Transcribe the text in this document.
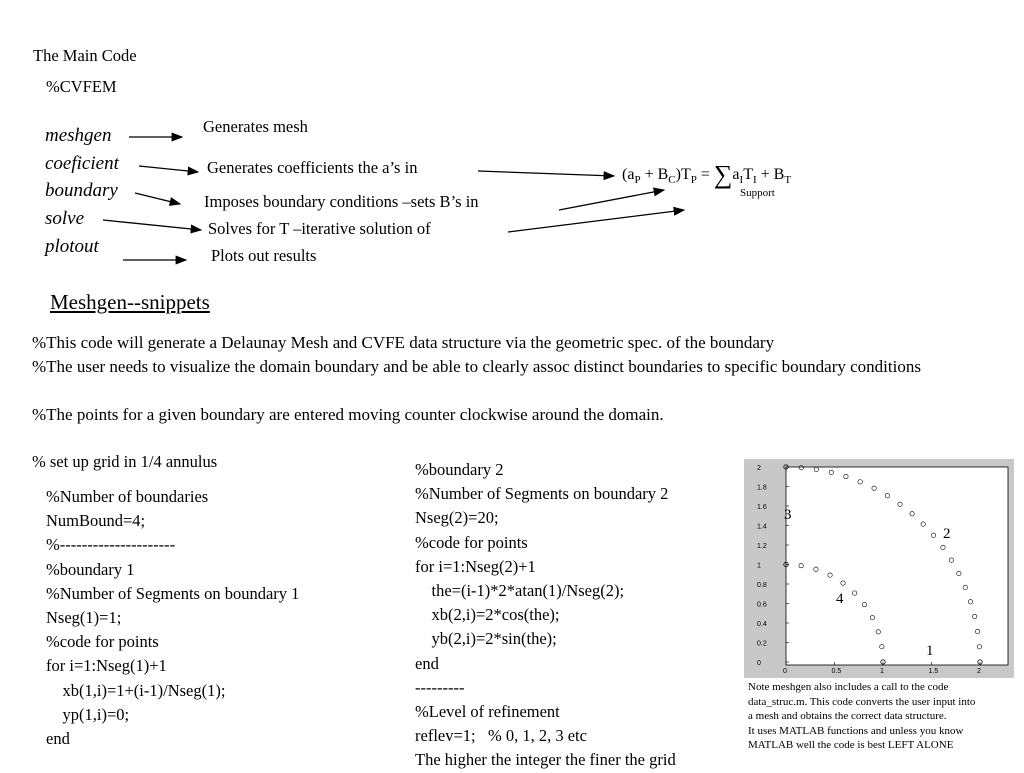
The Main Code
%CVFEM
meshgen
coeficient
boundary
solve
plotout
Generates mesh
Generates coefficients the a’s in
Imposes boundary conditions –sets B’s in
Solves for T –iterative solution of
Plots out results
$(a_P + B_C)T_P = \sum a_IT_I + B_T$
Support
Meshgen--snippets
%This code will generate a Delaunay Mesh and CVFE data structure via the geometric spec. of the boundary
%The user needs to visualize the domain boundary and be able to clearly assoc distinct boundaries to specific boundary conditions
%The points for a given boundary are entered moving counter clockwise around the domain.
% set up grid in 1/4 annulus
%Number of boundaries
NumBound=4;
%---------------------
%boundary 1
%Number of Segments on boundary 1
Nseg(1)=1;
%code for points
for i=1:Nseg(1)+1
xb(1,i)=1+(i-1)/Nseg(1);
yp(1,i)=0;
end
%boundary 2
%Number of Segments on boundary 2
Nseg(2)=20;
%code for points
for i=1:Nseg(2)+1
the=(i-1)*2*atan(1)/Nseg(2);
xb(2,i)=2*cos(the);
yb(2,i)=2*sin(the);
end
---------
%Level of refinement
reflev=1;   % 0, 1, 2, 3 etc
The higher the integer the finer the grid
2
1.8
1.6
1.4
1.2
1
0.8
0.6
0.4
0.2
0
0	0.5	1	1.5	2
3
2
4
1
Note meshgen also includes a call to the code
data_struc.m. This code converts the user input into
a mesh and obtains the correct data structure.
It uses MATLAB functions and unless you know
MATLAB well the code is best LEFT ALONE
